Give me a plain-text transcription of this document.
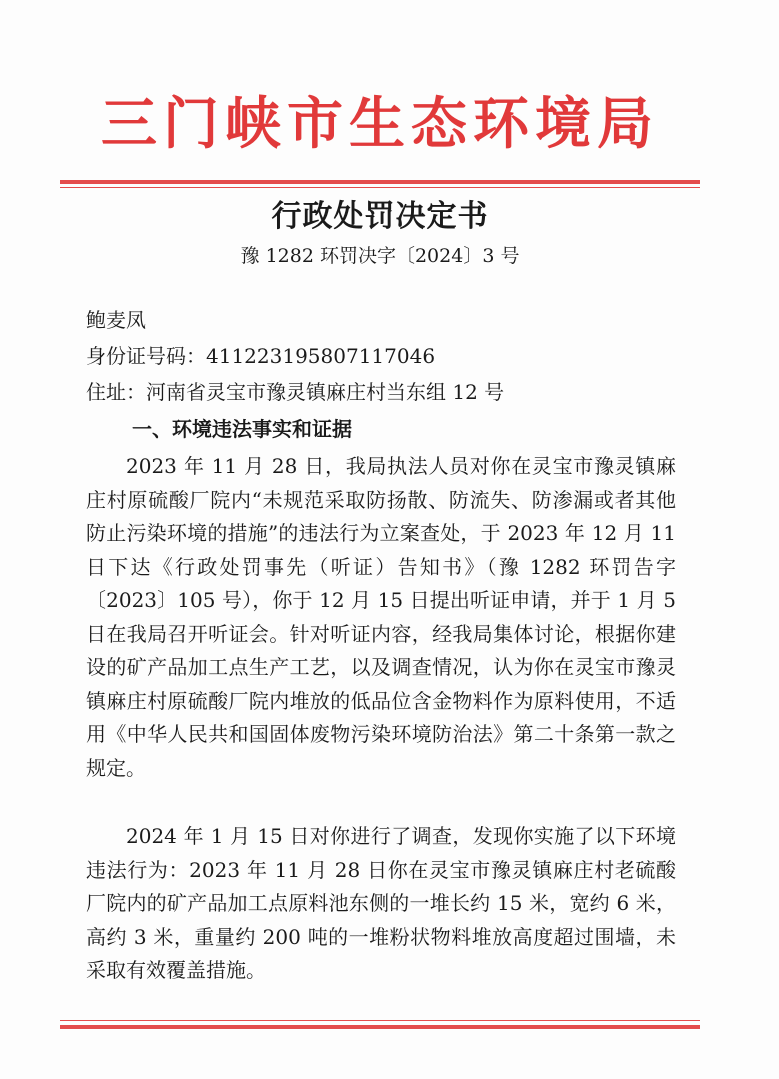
三门峡市生态环境局
行政处罚决定书
豫 1282 环罚决字〔2024〕3 号
鲍麦凤
身份证号码：411223195807117046
住址：河南省灵宝市豫灵镇麻庄村当东组 12 号
一、环境违法事实和证据
2023 年 11 月 28 日，我局执法人员对你在灵宝市豫灵镇麻庄村原硫酸厂院内“未规范采取防扬散、防流失、防渗漏或者其他防止污染环境的措施”的违法行为立案查处，于 2023 年 12 月 11 日下达《行政处罚事先（听证）告知书》（豫 1282 环罚告字〔2023〕105 号），你于 12 月 15 日提出听证申请，并于 1 月 5 日在我局召开听证会。针对听证内容，经我局集体讨论，根据你建设的矿产品加工点生产工艺，以及调查情况，认为你在灵宝市豫灵镇麻庄村原硫酸厂院内堆放的低品位含金物料作为原料使用，不适用《中华人民共和国固体废物污染环境防治法》第二十条第一款之规定。
2024 年 1 月 15 日对你进行了调查，发现你实施了以下环境违法行为：2023 年 11 月 28 日你在灵宝市豫灵镇麻庄村老硫酸厂院内的矿产品加工点原料池东侧的一堆长约 15 米，宽约 6 米，高约 3 米，重量约 200 吨的一堆粉状物料堆放高度超过围墙，未采取有效覆盖措施。
